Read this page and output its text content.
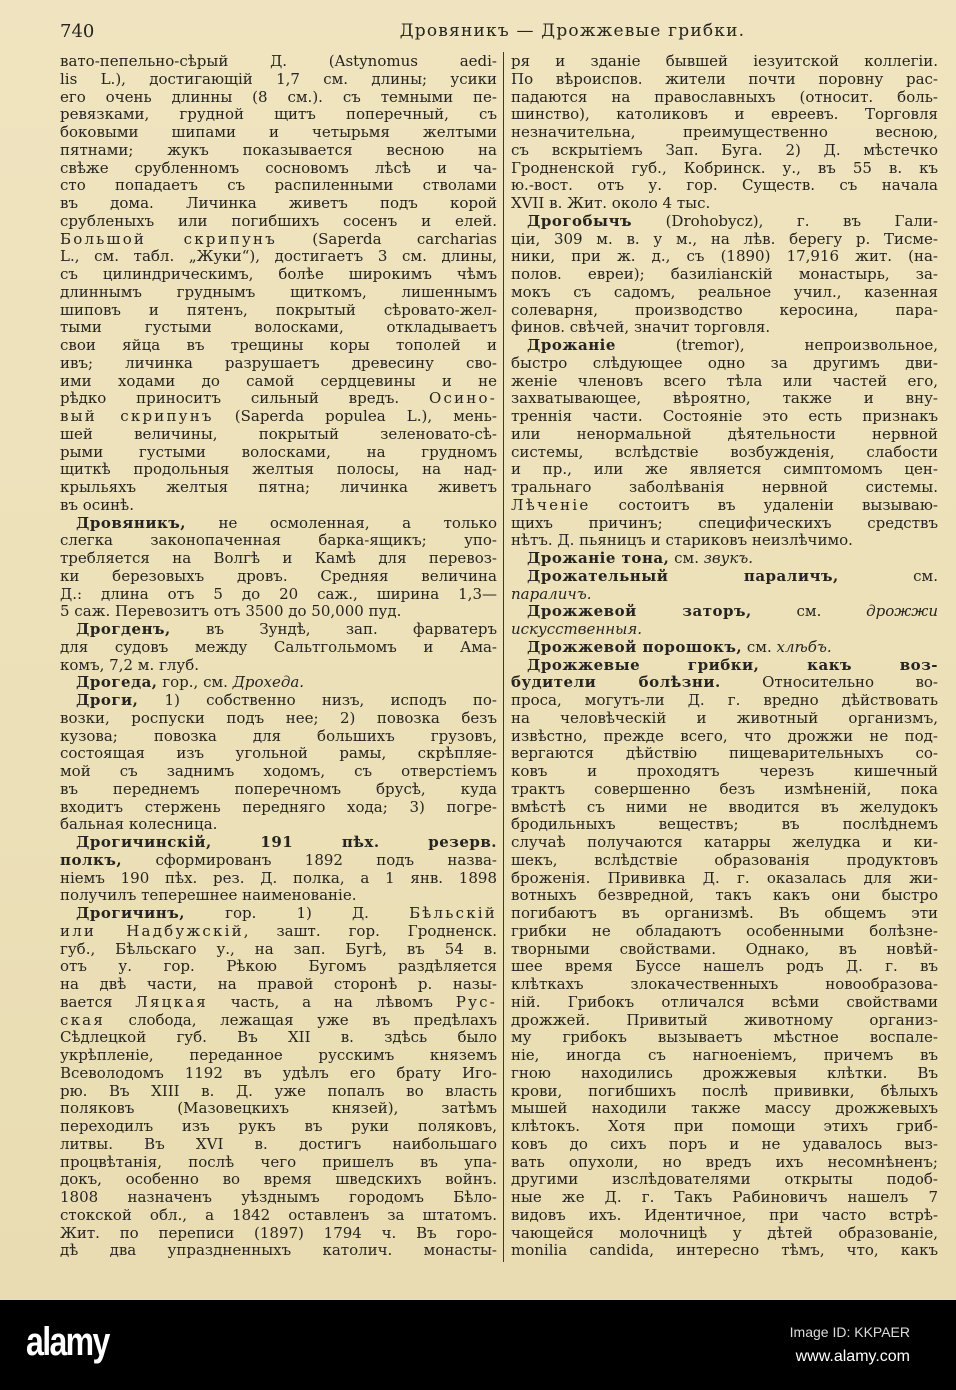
740	Дровяникъ — Дрожжевые грибки.
вато-пепельно-сѣрый Д. (Astynomus aedi-
lis L.), достигающій 1,7 см. длины; усики
его очень длинны (8 см.). съ темными пе-
ревязками, грудной щитъ поперечный, съ
боковыми шипами и четырьмя желтыми
пятнами; жукъ показывается весною на
свѣже срубленномъ сосновомъ лѣсѣ и ча-
сто попадаетъ съ распиленными стволами
въ дома. Личинка живетъ подъ корой
срубленыхъ или погибшихъ сосенъ и елей.
Большой скрипунъ (Saperda carcharias
L., см. табл. „Жуки“), достигаетъ 3 см. длины,
съ цилиндрическимъ, болѣе широкимъ чѣмъ
длиннымъ груднымъ щиткомъ, лишеннымъ
шиповъ и пятенъ, покрытый сѣровато-жел-
тыми густыми волосками, откладываетъ
свои яйца въ трещины коры тополей и
ивъ; личинка разрушаетъ древесину сво-
ими ходами до самой сердцевины и не
рѣдко приноситъ сильный вредъ. Осино-
вый скрипунъ (Saperda populea L.), мень-
шей величины, покрытый зеленовато-сѣ-
рыми густыми волосками, на грудномъ
щиткѣ продольныя желтыя полосы, на над-
крыльяхъ желтыя пятна; личинка живетъ
въ осинѣ.
Дровяникъ, не осмоленная, а только
слегка законопаченная барка-ящикъ; упо-
требляется на Волгѣ и Камѣ для перевоз-
ки березовыхъ дровъ. Средняя величина
Д.: длина отъ 5 до 20 саж., ширина 1,3—
5 саж. Перевозитъ отъ 3500 до 50,000 пуд.
Дрогденъ, въ Зундѣ, зап. фарватеръ
для судовъ между Сальтгольмомъ и Ама-
комъ, 7,2 м. глуб.
Дрогеда, гор., см. Дроxеда.
Дроги, 1) собственно низъ, исподъ по-
возки, роспуски подъ нее; 2) повозка безъ
кузова; повозка для большихъ грузовъ,
состоящая изъ угольной рамы, скрѣпляе-
мой съ заднимъ ходомъ, съ отверстіемъ
въ переднемъ поперечномъ брусѣ, куда
входитъ стержень передняго хода; 3) погре-
бальная колесница.
Дрогичинскій, 191 пѣх. резерв.
полкъ, сформированъ 1892 подъ назва-
ніемъ 190 пѣх. рез. Д. полка, а 1 янв. 1898
получилъ теперешнее наименованіе.
Дрогичинъ, гор. 1) Д. Бѣльскій
или Надбужскій, зашт. гор. Гродненск.
губ., Бѣльскаго у., на зап. Бугѣ, въ 54 в.
отъ у. гор. Рѣкою Бугомъ раздѣляется
на двѣ части, на правой сторонѣ р. назы-
вается Ляцкая часть, а на лѣвомъ Рус-
ская слобода, лежащая уже въ предѣлахъ
Сѣдлецкой губ. Въ XII в. здѣсь было
укрѣпленіе, переданное русскимъ княземъ
Всеволодомъ 1192 въ удѣлъ его брату Иго-
рю. Въ XIII в. Д. уже попалъ во власть
поляковъ (Мазовецкихъ князей), затѣмъ
переходилъ изъ рукъ въ руки поляковъ,
литвы. Въ XVI в. достигъ наибольшаго
процвѣтанія, послѣ чего пришелъ въ упа-
докъ, особенно во время шведскихъ войнъ.
1808 назначенъ уѣзднымъ городомъ Бѣло-
стокской обл., а 1842 оставленъ за штатомъ.
Жит. по переписи (1897) 1794 ч. Въ горо-
дѣ два упраздненныхъ католич. монасты-
ря и зданіе бывшей іезуитской коллегіи.
По вѣроиспов. жители почти поровну рас-
падаются на православныхъ (относит. боль-
шинство), католиковъ и евреевъ. Торговля
незначительна, преимущественно весною,
съ вскрытіемъ Зап. Буга. 2) Д. мѣстечко
Гродненской губ., Кобринск. у., въ 55 в. къ
ю.-вост. отъ у. гор. Существ. съ начала
XVII в. Жит. около 4 тыс.
Дрогобычъ (Drohobycz), г. въ Гали-
ціи, 309 м. в. у м., на лѣв. берегу р. Тисме-
ники, при ж. д., съ (1890) 17,916 жит. (на-
полов. евреи); базиліанскій монастырь, за-
мокъ съ садомъ, реальное учил., казенная
солеварня, производство керосина, пара-
финов. свѣчей, значит торговля.
Дрожаніе (tremor), непроизвольное,
быстро слѣдующее одно за другимъ дви-
женіе членовъ всего тѣла или частей его,
захватывающее, вѣроятно, также и вну-
треннія части. Состояніе это есть признакъ
или ненормальной дѣятельности нервной
системы, вслѣдствіе возбужденія, слабости
и пр., или же является симптомомъ цен-
тральнаго заболѣванія нервной системы.
Лѣченіе состоитъ въ удаленіи вызываю-
щихъ причинъ; специфическихъ средствъ
нѣтъ. Д. пьяницъ и стариковъ неизлѣчимо.
Дрожаніе тона, см. звукъ.
Дрожательный параличъ, см.
параличъ.
Дрожжевой заторъ, см. дрожжи
искусственныя.
Дрожжевой порошокъ, см. хлѣбъ.
Дрожжевые грибки, какъ воз-
будители болѣзни. Относительно во-
проса, могутъ-ли Д. г. вредно дѣйствовать
на человѣческій и животный организмъ,
извѣстно, прежде всего, что дрожжи не под-
вергаются дѣйствію пищеварительныхъ со-
ковъ и проходятъ черезъ кишечный
трактъ совершенно безъ измѣненій, пока
вмѣстѣ съ ними не вводится въ желудокъ
бродильныхъ веществъ; въ послѣднемъ
случаѣ получаются катарры желудка и ки-
шекъ, вслѣдствіе образованія продуктовъ
броженія. Прививка Д. г. оказалась для жи-
вотныхъ безвредной, такъ какъ они быстро
погибаютъ въ организмѣ. Въ общемъ эти
грибки не обладаютъ особенными болѣзне-
творными свойствами. Однако, въ новѣй-
шее время Буссе нашелъ родъ Д. г. въ
клѣткахъ злокачественныхъ новообразова-
ній. Грибокъ отличался всѣми свойствами
дрожжей. Привитый животному организ-
му грибокъ вызываетъ мѣстное воспале-
ніе, иногда съ нагноеніемъ, причемъ въ
гною находились дрожжевыя клѣтки. Въ
крови, погибшихъ послѣ прививки, бѣлыхъ
мышей находили также массу дрожжевыхъ
клѣтокъ. Хотя при помощи этихъ гриб-
ковъ до сихъ поръ и не удавалось выз-
вать опухоли, но вредъ ихъ несомнѣненъ;
другими изслѣдователями открыты подоб-
ные же Д. г. Такъ Рабиновичъ нашелъ 7
видовъ ихъ. Идентичное, при часто встрѣ-
чающейся молочницѣ у дѣтей образованіе,
monilia candida, интересно тѣмъ, что, какъ
alamy	Image ID: KKPAER
www.alamy.com
